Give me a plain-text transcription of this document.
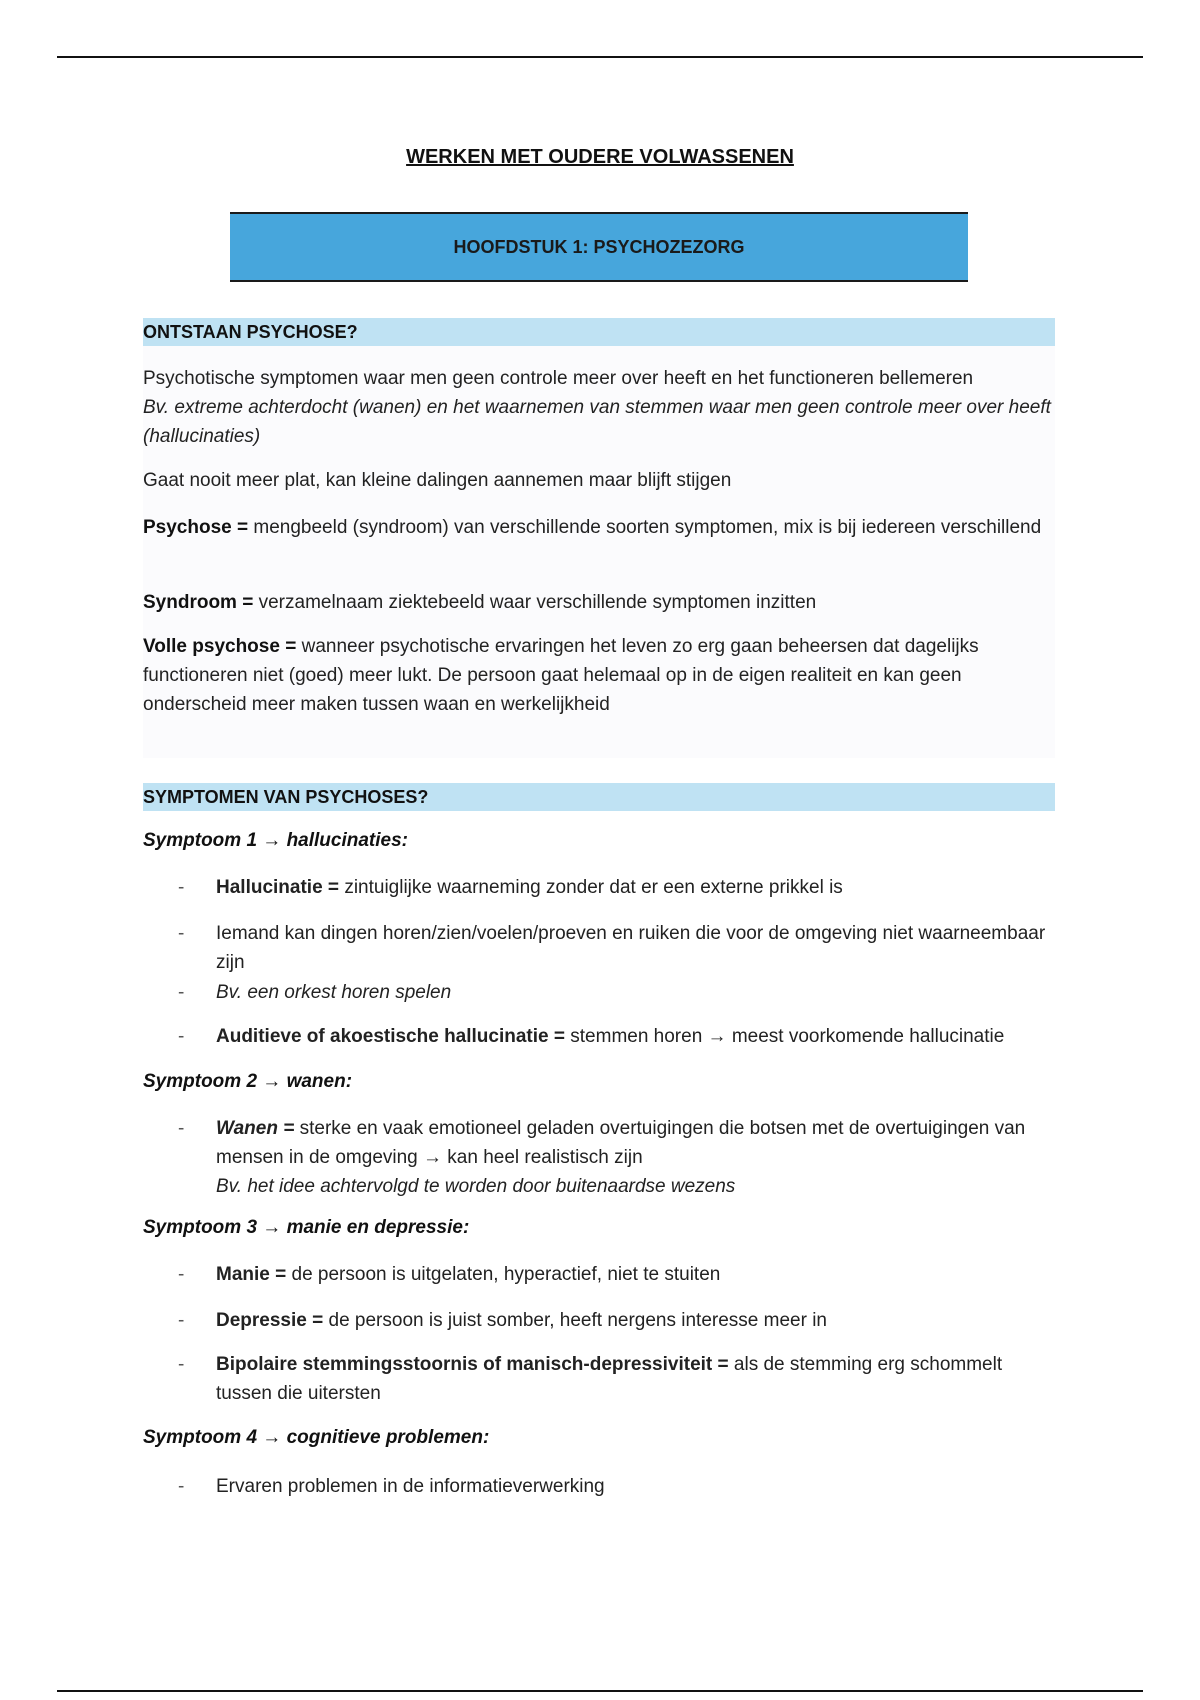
WERKEN MET OUDERE VOLWASSENEN
HOOFDSTUK 1: PSYCHOZEZORG
ONTSTAAN PSYCHOSE?
Psychotische symptomen waar men geen controle meer over heeft en het functioneren bellemeren
Bv. extreme achterdocht (wanen) en het waarnemen van stemmen waar men geen controle meer over heeft (hallucinaties)
Gaat nooit meer plat, kan kleine dalingen aannemen maar blijft stijgen
Psychose = mengbeeld (syndroom) van verschillende soorten symptomen, mix is bij iedereen verschillend
Syndroom = verzamelnaam ziektebeeld waar verschillende symptomen inzitten
Volle psychose = wanneer psychotische ervaringen het leven zo erg gaan beheersen dat dagelijks functioneren niet (goed) meer lukt. De persoon gaat helemaal op in de eigen realiteit en kan geen onderscheid meer maken tussen waan en werkelijkheid
SYMPTOMEN VAN PSYCHOSES?
Symptoom 1 → hallucinaties:
- Hallucinatie = zintuiglijke waarneming zonder dat er een externe prikkel is
- Iemand kan dingen horen/zien/voelen/proeven en ruiken die voor de omgeving niet waarneembaar zijn
- Bv. een orkest horen spelen
- Auditieve of akoestische hallucinatie = stemmen horen → meest voorkomende hallucinatie
Symptoom 2 → wanen:
- Wanen = sterke en vaak emotioneel geladen overtuigingen die botsen met de overtuigingen van mensen in de omgeving → kan heel realistisch zijn
Bv. het idee achtervolgd te worden door buitenaardse wezens
Symptoom 3 → manie en depressie:
- Manie = de persoon is uitgelaten, hyperactief, niet te stuiten
- Depressie = de persoon is juist somber, heeft nergens interesse meer in
- Bipolaire stemmingsstoornis of manisch-depressiviteit = als de stemming erg schommelt tussen die uitersten
Symptoom 4 → cognitieve problemen:
- Ervaren problemen in de informatieverwerking
